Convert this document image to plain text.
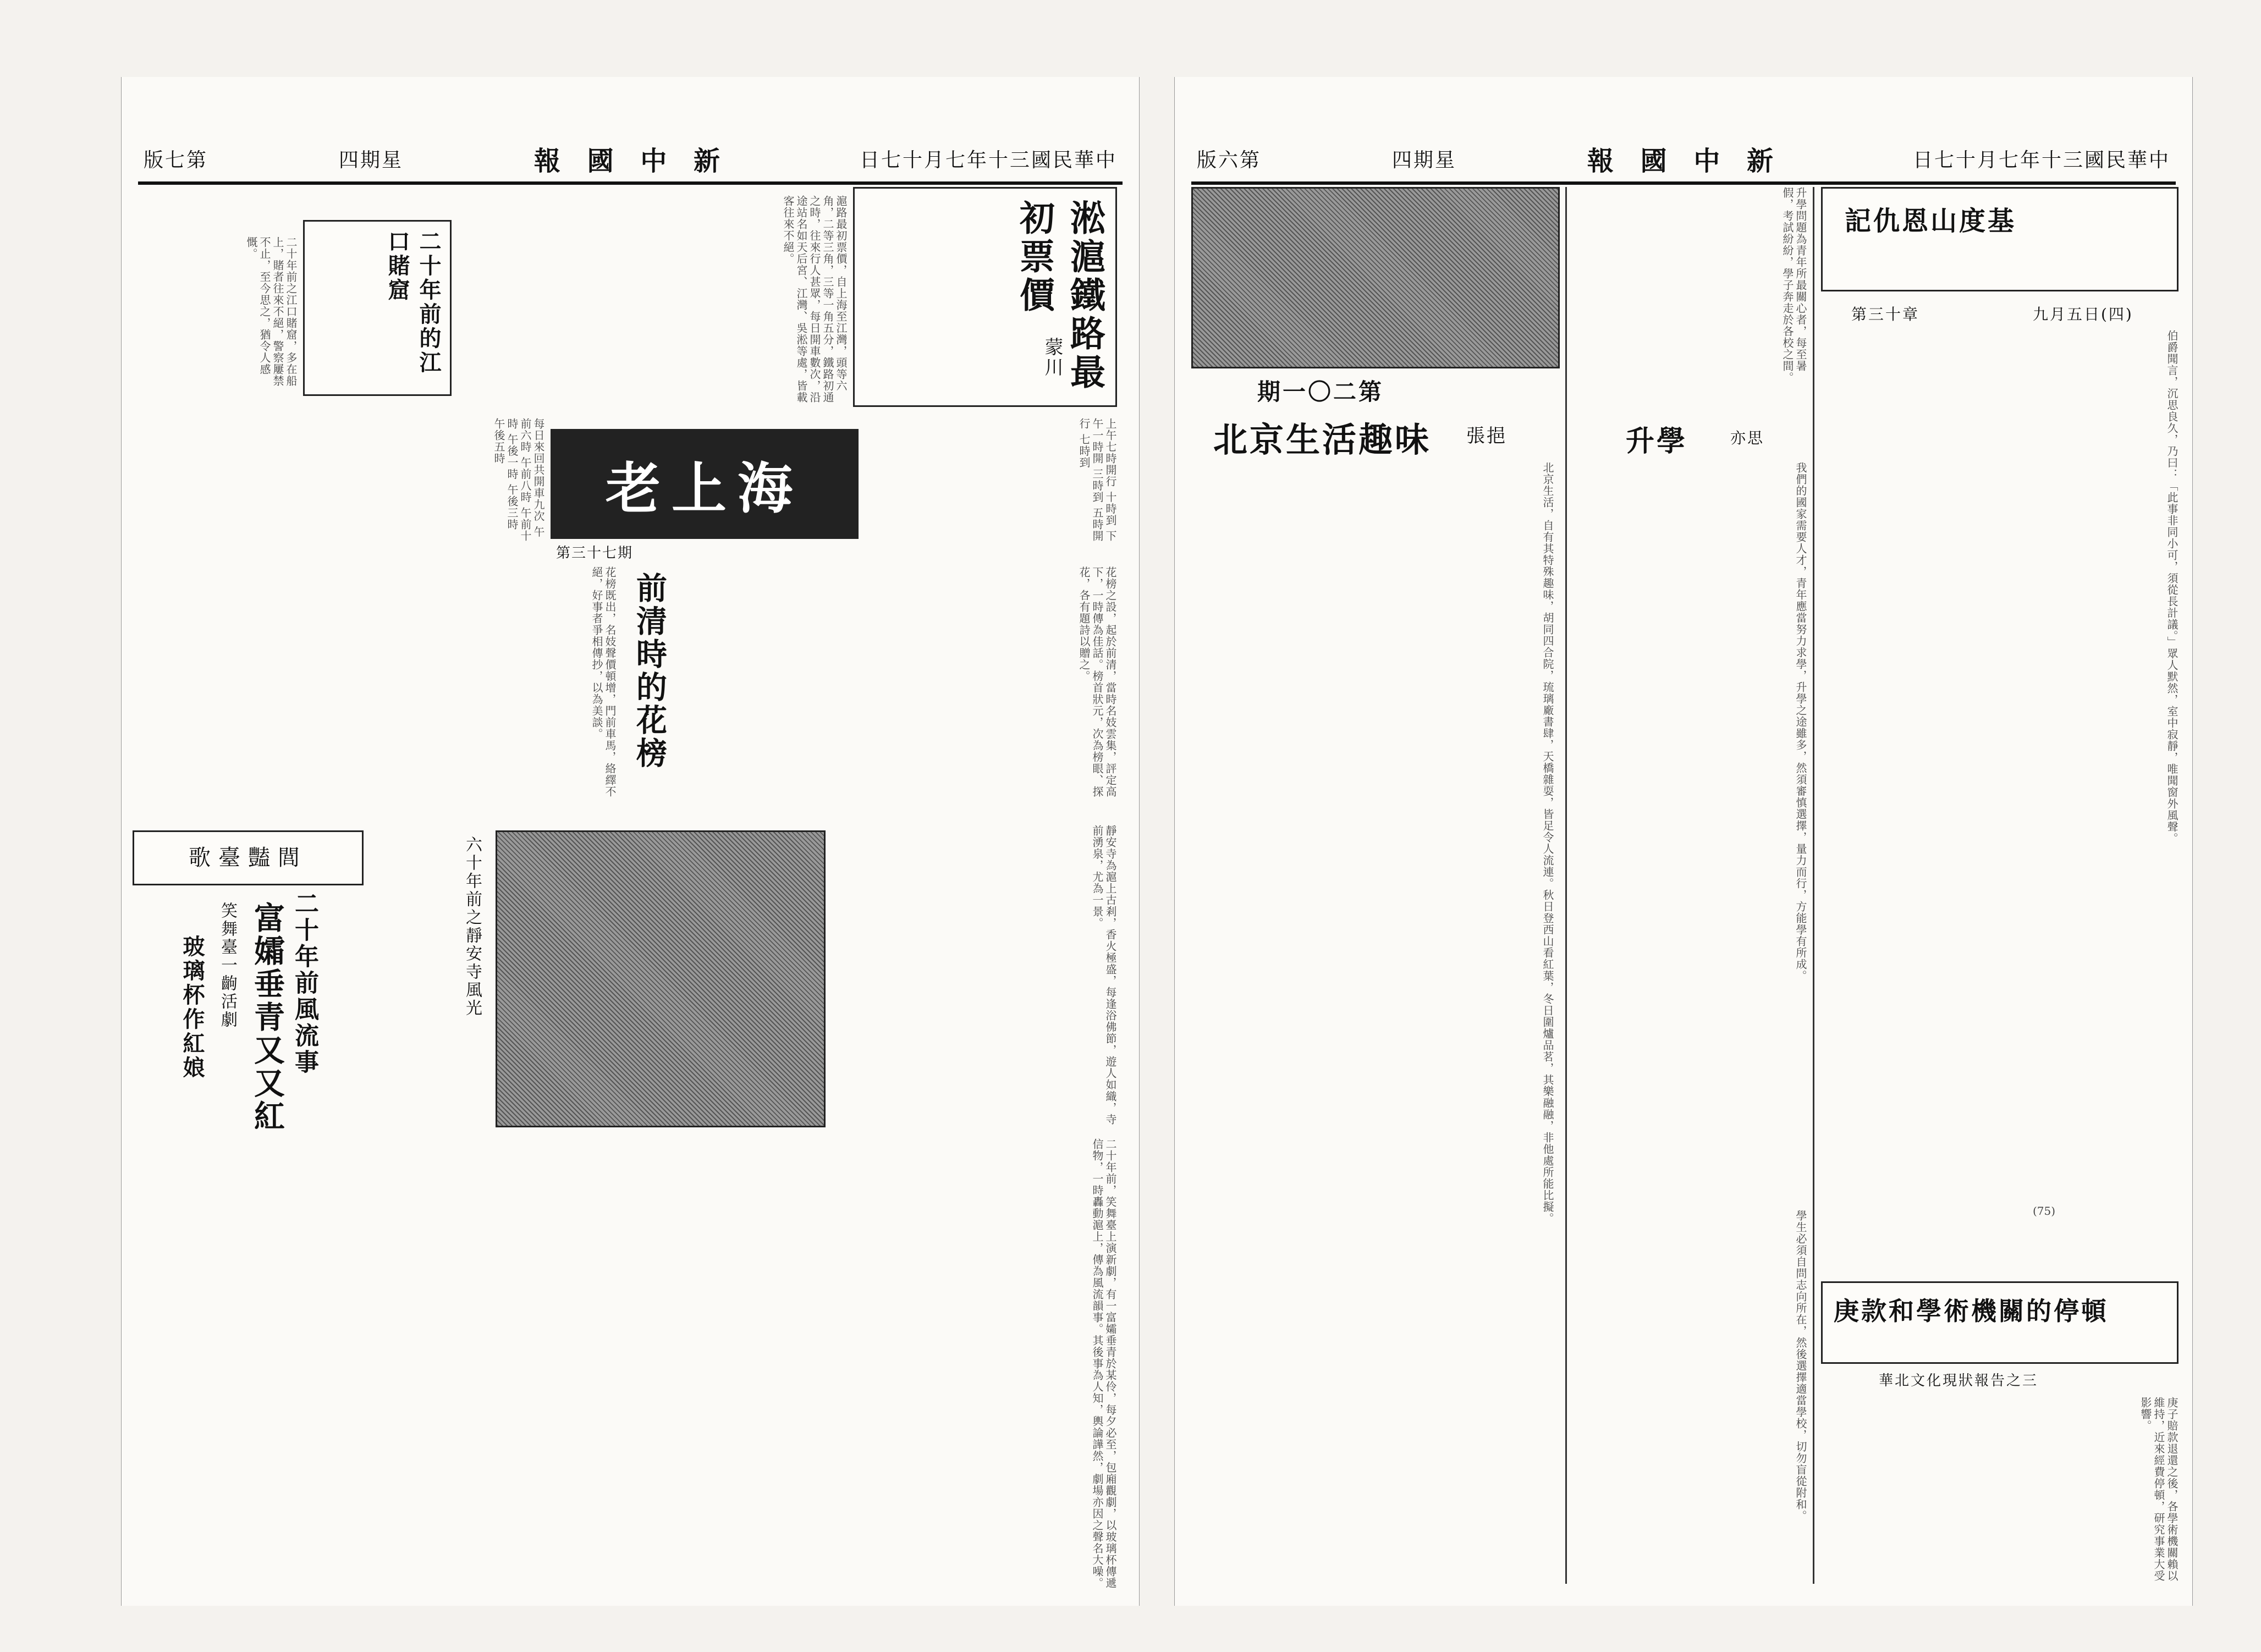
版七第	四期星	報 國 中 新	日七十月七年十三國民華中
淞滬鐵路最初票價
蒙川
滬路最初票價，自上海至江灣，頭等六角，二等三角，三等一角五分，鐵路初通之時，往來行人甚眾，每日開車數次，沿途站名如天后宮、江灣、吳淞等處，皆載客往來不絕。
二十年前的江口賭窟
二十年前之江口賭窟，多在船上，賭者往來不絕，警察屢禁不止，至今思之，猶令人感慨。
老上海
第三十七期
上午七時開行 十時到 下午一時開 三時到 五時開行 七時到
每日來回共開車九次 午前六時 午前八時 午前十時 午後一時 午後三時 午後五時
前清時的花榜	花榜之設，起於前清，當時名妓雲集，評定高下，一時傳為佳話。榜首狀元，次為榜眼、探花，各有題詩以贈之。
花榜既出，名妓聲價頓增，門前車馬，絡繹不絕，好事者爭相傳抄，以為美談。
六十年前之靜安寺風光	靜安寺為滬上古剎，香火極盛，每逢浴佛節，遊人如織，寺前湧泉，尤為一景。
歌臺豔閭
二十年前風流事
富孀垂青又又紅
笑舞臺一齣活劇
玻璃杯作紅娘
二十年前，笑舞臺上演新劇，有一富孀垂青於某伶，每夕必至，包廂觀劇，以玻璃杯傳遞信物，一時轟動滬上，傳為風流韻事。其後事為人知，輿論譁然，劇場亦因之聲名大噪。
版六第	四期星	報 國 中 新	日七十月七年十三國民華中
期一〇二第
北京生活趣味 張挹
北京生活，自有其特殊趣味，胡同四合院，琉璃廠書肆，天橋雜耍，皆足令人流連。秋日登西山看紅葉，冬日圍爐品茗，其樂融融，非他處所能比擬。
升學問題為青年所最關心者，每至暑假，考試紛紛，學子奔走於各校之間。
升學	亦思
我們的國家需要人才，青年應當努力求學，升學之途雖多，然須審慎選擇，量力而行，方能學有所成。
記仇恩山度基
第三十章	九月五日(四)
伯爵聞言，沉思良久，乃曰：「此事非同小可，須從長計議。」眾人默然，室中寂靜，唯聞窗外風聲。
(75)
庚款和學術機關的停頓
華北文化現狀報告之三
庚子賠款退還之後，各學術機關賴以維持，近來經費停頓，研究事業大受影響。
學生必須自問志向所在，然後選擇適當學校，切勿盲從附和。
